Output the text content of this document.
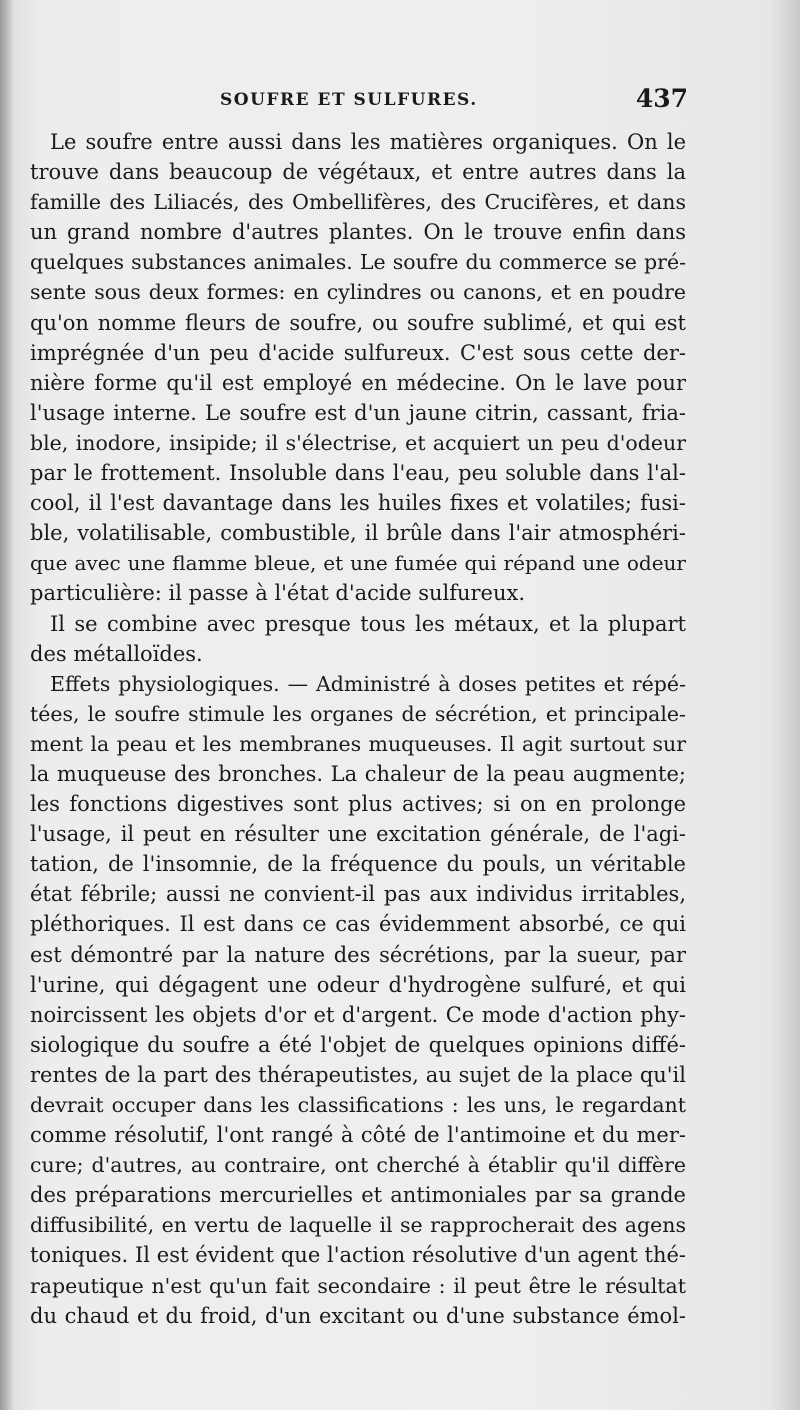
SOUFRE ET SULFURES.	437
Le soufre entre aussi dans les matières organiques. On le
trouve dans beaucoup de végétaux, et entre autres dans la
famille des Liliacés, des Ombellifères, des Crucifères, et dans
un grand nombre d'autres plantes. On le trouve enfin dans
quelques substances animales. Le soufre du commerce se pré-
sente sous deux formes: en cylindres ou canons, et en poudre
qu'on nomme fleurs de soufre, ou soufre sublimé, et qui est
imprégnée d'un peu d'acide sulfureux. C'est sous cette der-
nière forme qu'il est employé en médecine. On le lave pour
l'usage interne. Le soufre est d'un jaune citrin, cassant, fria-
ble, inodore, insipide; il s'électrise, et acquiert un peu d'odeur
par le frottement. Insoluble dans l'eau, peu soluble dans l'al-
cool, il l'est davantage dans les huiles fixes et volatiles; fusi-
ble, volatilisable, combustible, il brûle dans l'air atmosphéri-
que avec une flamme bleue, et une fumée qui répand une odeur
particulière: il passe à l'état d'acide sulfureux.
Il se combine avec presque tous les métaux, et la plupart
des métalloïdes.
Effets physiologiques. — Administré à doses petites et répé-
tées, le soufre stimule les organes de sécrétion, et principale-
ment la peau et les membranes muqueuses. Il agit surtout sur
la muqueuse des bronches. La chaleur de la peau augmente;
les fonctions digestives sont plus actives; si on en prolonge
l'usage, il peut en résulter une excitation générale, de l'agi-
tation, de l'insomnie, de la fréquence du pouls, un véritable
état fébrile; aussi ne convient-il pas aux individus irritables,
pléthoriques. Il est dans ce cas évidemment absorbé, ce qui
est démontré par la nature des sécrétions, par la sueur, par
l'urine, qui dégagent une odeur d'hydrogène sulfuré, et qui
noircissent les objets d'or et d'argent. Ce mode d'action phy-
siologique du soufre a été l'objet de quelques opinions diffé-
rentes de la part des thérapeutistes, au sujet de la place qu'il
devrait occuper dans les classifications : les uns, le regardant
comme résolutif, l'ont rangé à côté de l'antimoine et du mer-
cure; d'autres, au contraire, ont cherché à établir qu'il diffère
des préparations mercurielles et antimoniales par sa grande
diffusibilité, en vertu de laquelle il se rapprocherait des agens
toniques. Il est évident que l'action résolutive d'un agent thé-
rapeutique n'est qu'un fait secondaire : il peut être le résultat
du chaud et du froid, d'un excitant ou d'une substance émol-
